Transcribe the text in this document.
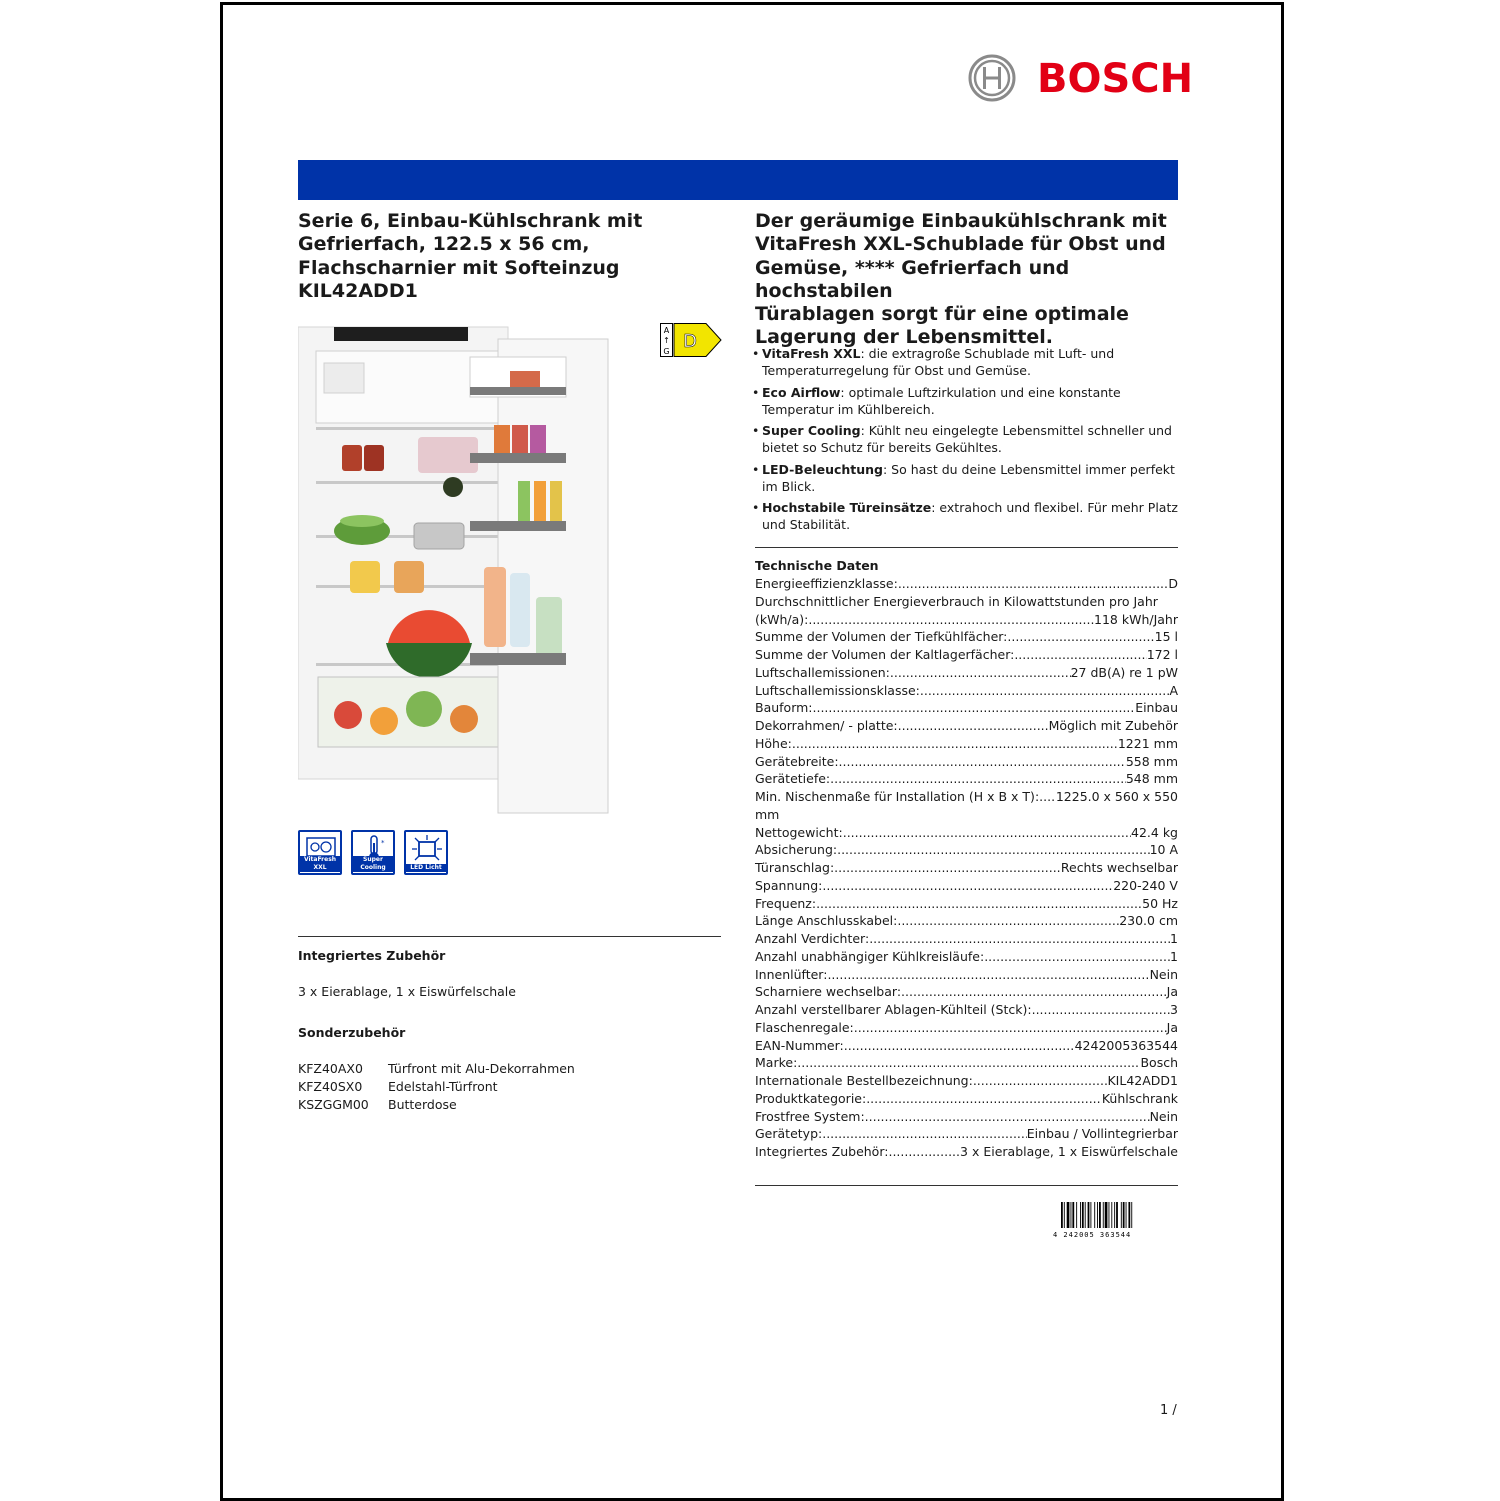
BOSCH
Serie 6, Einbau-Kühlschrank mit
Gefrierfach, 122.5 x 56 cm,
Flachscharnier mit Softeinzug
KIL42ADD1
Der geräumige Einbaukühlschrank mit
VitaFresh XXL-Schublade für Obst und
Gemüse, **** Gefrierfach und hochstabilen
Türablagen sorgt für eine optimale
Lagerung der Lebensmittel.
A
↑
G D
• VitaFresh XXL: die extragroße Schublade mit Luft- und Temperaturregelung für Obst und Gemüse.
• Eco Airflow: optimale Luftzirkulation und eine konstante Temperatur im Kühlbereich.
• Super Cooling: Kühlt neu eingelegte Lebensmittel schneller und bietet so Schutz für bereits Gekühltes.
• LED-Beleuchtung: So hast du deine Lebensmittel immer perfekt im Blick.
• Hochstabile Türeinsätze: extrahoch und flexibel. Für mehr Platz und Stabilität.
Technische Daten
Energieeffizienzklasse: .....	D
Durchschnittlicher Energieverbrauch in Kilowattstunden pro Jahr
(kWh/a): .....	118 kWh/Jahr
Summe der Volumen der Tiefkühlfächer: .....	15 l
Summe der Volumen der Kaltlagerfächer: .....	172 l
Luftschallemissionen: .....	27 dB(A) re 1 pW
Luftschallemissionsklasse: .....	A
Bauform: .....	Einbau
Dekorrahmen/ - platte: .....	Möglich mit Zubehör
Höhe: .....	1221 mm
Gerätebreite: .....	558 mm
Gerätetiefe: .....	548 mm
Min. Nischenmaße für Installation (H x B x T): ..... 1225.0 x 560 x 550
mm
Nettogewicht: .....	42.4 kg
Absicherung: .....	10 A
Türanschlag: .....	Rechts wechselbar
Spannung: .....	220-240 V
Frequenz: .....	50 Hz
Länge Anschlusskabel: .....	230.0 cm
Anzahl Verdichter: .....	1
Anzahl unabhängiger Kühlkreisläufe: .....	1
Innenlüfter: .....	Nein
Scharniere wechselbar: .....	Ja
Anzahl verstellbarer Ablagen-Kühlteil (Stck): .....	3
Flaschenregale: .....	Ja
EAN-Nummer: .....	4242005363544
Marke: .....	Bosch
Internationale Bestellbezeichnung: .....	KIL42ADD1
Produktkategorie: .....	Kühlschrank
Frostfree System: .....	Nein
Gerätetyp: .....	Einbau / Vollintegrierbar
Integriertes Zubehör: .....	3 x Eierablage, 1 x Eiswürfelschale
4 242005 363544
VitaFresh XXL
*
Super Cooling	LED Licht
Integriertes Zubehör
3 x Eierablage, 1 x Eiswürfelschale
Sonderzubehör
KFZ40AX0	Türfront mit Alu-Dekorrahmen
KFZ40SX0	Edelstahl-Türfront
KSZGGM00	Butterdose
1 /
